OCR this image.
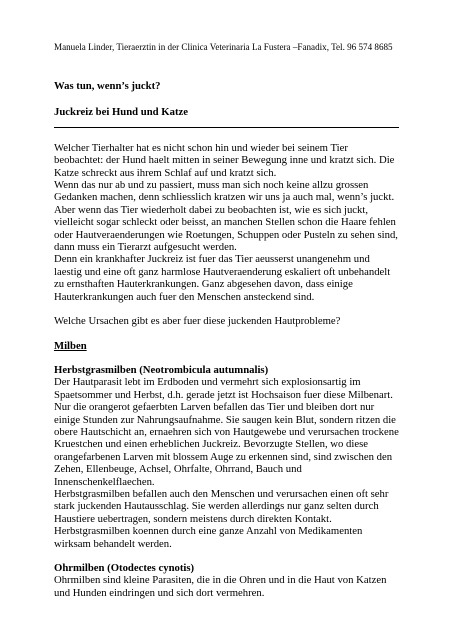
Manuela Linder, Tieraerztin in der Clinica Veterinaria La Fustera –Fanadix, Tel. 96 574 8685

Was tun, wenn’s juckt?

Juckreiz bei Hund und Katze

Welcher Tierhalter hat es nicht schon hin und wieder bei seinem Tier
beobachtet: der Hund haelt mitten in seiner Bewegung inne und kratzt sich. Die
Katze schreckt aus ihrem Schlaf auf und kratzt sich.
Wenn das nur ab und zu passiert, muss man sich noch keine allzu grossen
Gedanken machen, denn schliesslich kratzen wir uns ja auch mal, wenn’s juckt.
Aber wenn das Tier wiederholt dabei zu beobachten ist, wie es sich juckt,
vielleicht sogar schleckt oder beisst, an manchen Stellen schon die Haare fehlen
oder Hautveraenderungen wie Roetungen, Schuppen oder Pusteln zu sehen sind,
dann muss ein Tierarzt aufgesucht werden.
Denn ein krankhafter Juckreiz ist fuer das Tier aeusserst unangenehm und
laestig und eine oft ganz harmlose Hautveraenderung eskaliert oft unbehandelt
zu ernsthaften Hauterkrankungen. Ganz abgesehen davon, dass einige
Hauterkrankungen auch fuer den Menschen ansteckend sind.

Welche Ursachen gibt es aber fuer diese juckenden Hautprobleme?

Milben

Herbstgrasmilben (Neotrombicula autumnalis)

Der Hautparasit lebt im Erdboden und vermehrt sich explosionsartig im
Spaetsommer und Herbst, d.h. gerade jetzt ist Hochsaison fuer diese Milbenart.
Nur die orangerot gefaerbten Larven befallen das Tier und bleiben dort nur
einige Stunden zur Nahrungsaufnahme. Sie saugen kein Blut, sondern ritzen die
obere Hautschicht an, ernaehren sich von Hautgewebe und verursachen trockene
Kruestchen und einen erheblichen Juckreiz. Bevorzugte Stellen, wo diese
orangefarbenen Larven mit blossem Auge zu erkennen sind, sind zwischen den
Zehen, Ellenbeuge, Achsel, Ohrfalte, Ohrrand, Bauch und
Innenschenkelflaechen.
Herbstgrasmilben befallen auch den Menschen und verursachen einen oft sehr
stark juckenden Hautausschlag. Sie werden allerdings nur ganz selten durch
Haustiere uebertragen, sondern meistens durch direkten Kontakt.
Herbstgrasmilben koennen durch eine ganze Anzahl von Medikamenten
wirksam behandelt werden.

Ohrmilben (Otodectes cynotis)

Ohrmilben sind kleine Parasiten, die in die Ohren und in die Haut von Katzen
und Hunden eindringen und sich dort vermehren.
